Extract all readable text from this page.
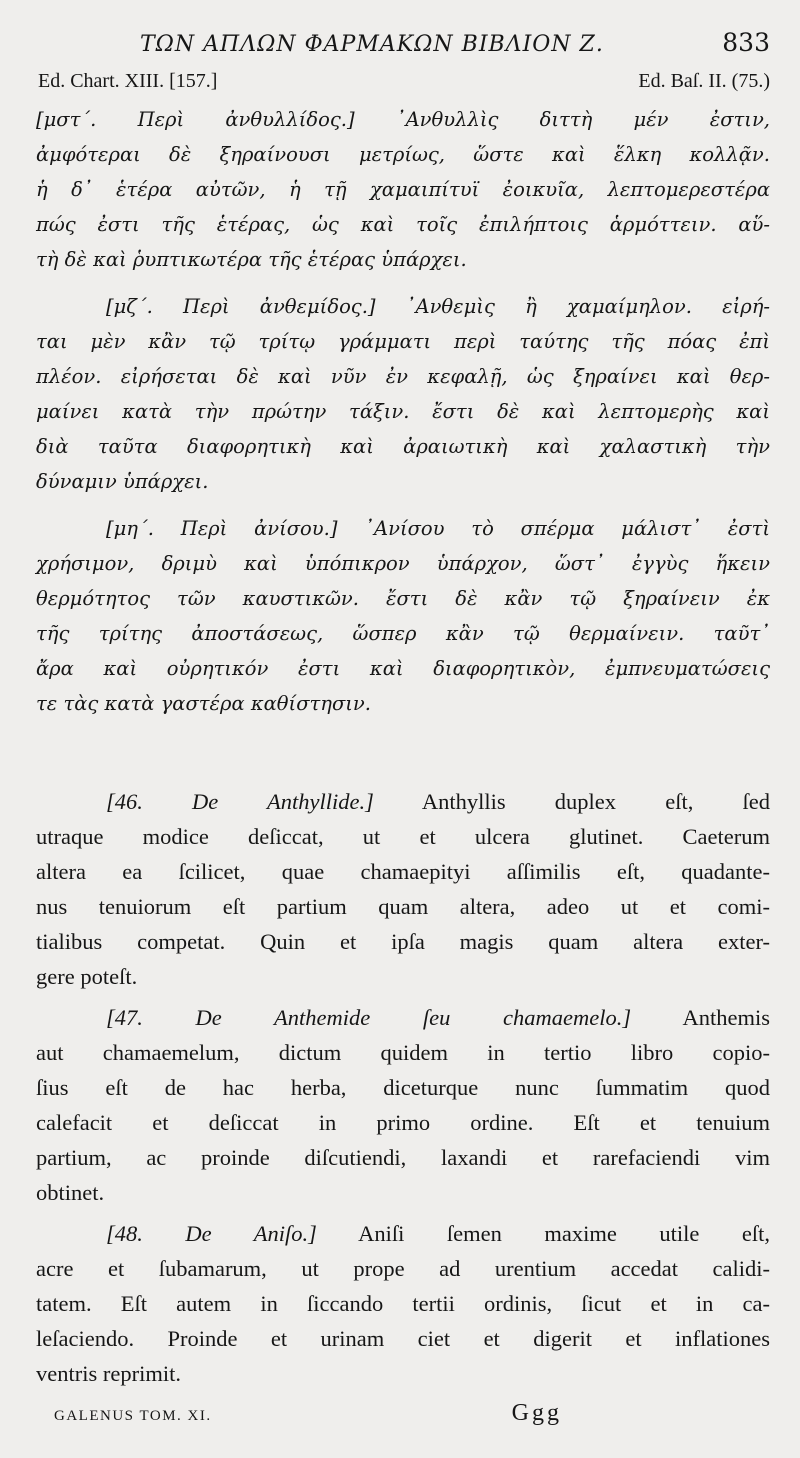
ΤΩΝ ΑΠΛΩΝ ΦΑΡΜΑΚΩΝ ΒΙΒΛΙΟΝ Ζ.	833
Ed. Chart. XIII. [157.]	Ed. Baſ. II. (75.)
[μστ΄. Περὶ ἀνθυλλίδος.] ᾿Ανθυλλὶς διττὴ μέν ἐστιν,
ἀμφότεραι δὲ ξηραίνουσι μετρίως, ὥστε καὶ ἕλκη κολλᾷν.
ἡ δ᾿ ἑτέρα αὐτῶν, ἡ τῇ χαμαιπίτυϊ ἐοικυῖα, λεπτομερεστέρα
πώς ἐστι τῆς ἑτέρας, ὡς καὶ τοῖς ἐπιλήπτοις ἁρμόττειν. αὕ-
τὴ δὲ καὶ ῥυπτικωτέρα τῆς ἑτέρας ὑπάρχει.
[μζ΄. Περὶ ἀνθεμίδος.] ᾿Ανθεμὶς ἢ χαμαίμηλον. εἰρή-
ται μὲν κἂν τῷ τρίτῳ γράμματι περὶ ταύτης τῆς πόας ἐπὶ
πλέον. εἰρήσεται δὲ καὶ νῦν ἐν κεφαλῇ, ὡς ξηραίνει καὶ θερ-
μαίνει κατὰ τὴν πρώτην τάξιν. ἔστι δὲ καὶ λεπτομερὴς καὶ
διὰ ταῦτα διαφορητικὴ καὶ ἀραιωτικὴ καὶ χαλαστικὴ τὴν
δύναμιν ὑπάρχει.
[μη΄. Περὶ ἀνίσου.] ᾿Ανίσου τὸ σπέρμα μάλιστ᾿ ἐστὶ
χρήσιμον, δριμὺ καὶ ὑπόπικρον ὑπάρχον, ὥστ᾿ ἐγγὺς ἥκειν
θερμότητος τῶν καυστικῶν. ἔστι δὲ κἂν τῷ ξηραίνειν ἐκ
τῆς τρίτης ἀποστάσεως, ὥσπερ κἂν τῷ θερμαίνειν. ταῦτ᾿
ἄρα καὶ οὐρητικόν ἐστι καὶ διαφορητικὸν, ἐμπνευματώσεις
τε τὰς κατὰ γαστέρα καθίστησιν.
[46. De Anthyllide.] Anthyllis duplex eſt, ſed
utraque modice deſiccat, ut et ulcera glutinet. Caeterum
altera ea ſcilicet, quae chamaepityi aſſimilis eſt, quadante-
nus tenuiorum eſt partium quam altera, adeo ut et comi-
tialibus competat. Quin et ipſa magis quam altera exter-
gere poteſt.
[47. De Anthemide ſeu chamaemelo.] Anthemis
aut chamaemelum, dictum quidem in tertio libro copio-
ſius eſt de hac herba, diceturque nunc ſummatim quod
calefacit et deſiccat in primo ordine. Eſt et tenuium
partium, ac proinde diſcutiendi, laxandi et rarefaciendi vim
obtinet.
[48. De Aniſo.] Aniſi ſemen maxime utile eſt,
acre et ſubamarum, ut prope ad urentium accedat calidi-
tatem. Eſt autem in ſiccando tertii ordinis, ſicut et in ca-
leſaciendo. Proinde et urinam ciet et digerit et inflationes
ventris reprimit.
GALENUS TOM. XI.	Ggg
